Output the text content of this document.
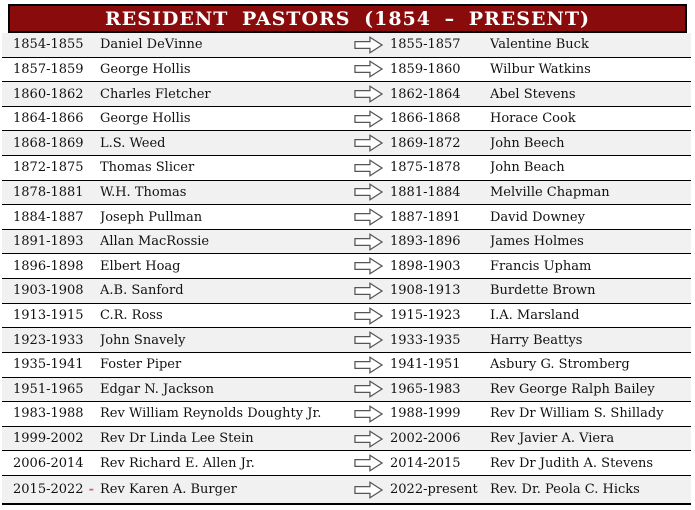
RESIDENT PASTORS (1854 – PRESENT)
1854-1855	Daniel DeVinne	1855-1857	Valentine Buck
1857-1859	George Hollis	1859-1860	Wilbur Watkins
1860-1862	Charles Fletcher	1862-1864	Abel Stevens
1864-1866	George Hollis	1866-1868	Horace Cook
1868-1869	L.S. Weed	1869-1872	John Beech
1872-1875	Thomas Slicer	1875-1878	John Beach
1878-1881	W.H. Thomas	1881-1884	Melville Chapman
1884-1887	Joseph Pullman	1887-1891	David Downey
1891-1893	Allan MacRossie	1893-1896	James Holmes
1896-1898	Elbert Hoag	1898-1903	Francis Upham
1903-1908	A.B. Sanford	1908-1913	Burdette Brown
1913-1915	C.R. Ross	1915-1923	I.A. Marsland
1923-1933	John Snavely	1933-1935	Harry Beattys
1935-1941	Foster Piper	1941-1951	Asbury G. Stromberg
1951-1965	Edgar N. Jackson	1965-1983	Rev George Ralph Bailey
1983-1988	Rev William Reynolds Doughty Jr.	1988-1999	Rev Dr William S. Shillady
1999-2002	Rev Dr Linda Lee Stein	2002-2006	Rev Javier A. Viera
2006-2014	Rev Richard E. Allen Jr.	2014-2015	Rev Dr Judith A. Stevens
2015-2022 - Rev Karen A. Burger	2022-present Rev. Dr. Peola C. Hicks
